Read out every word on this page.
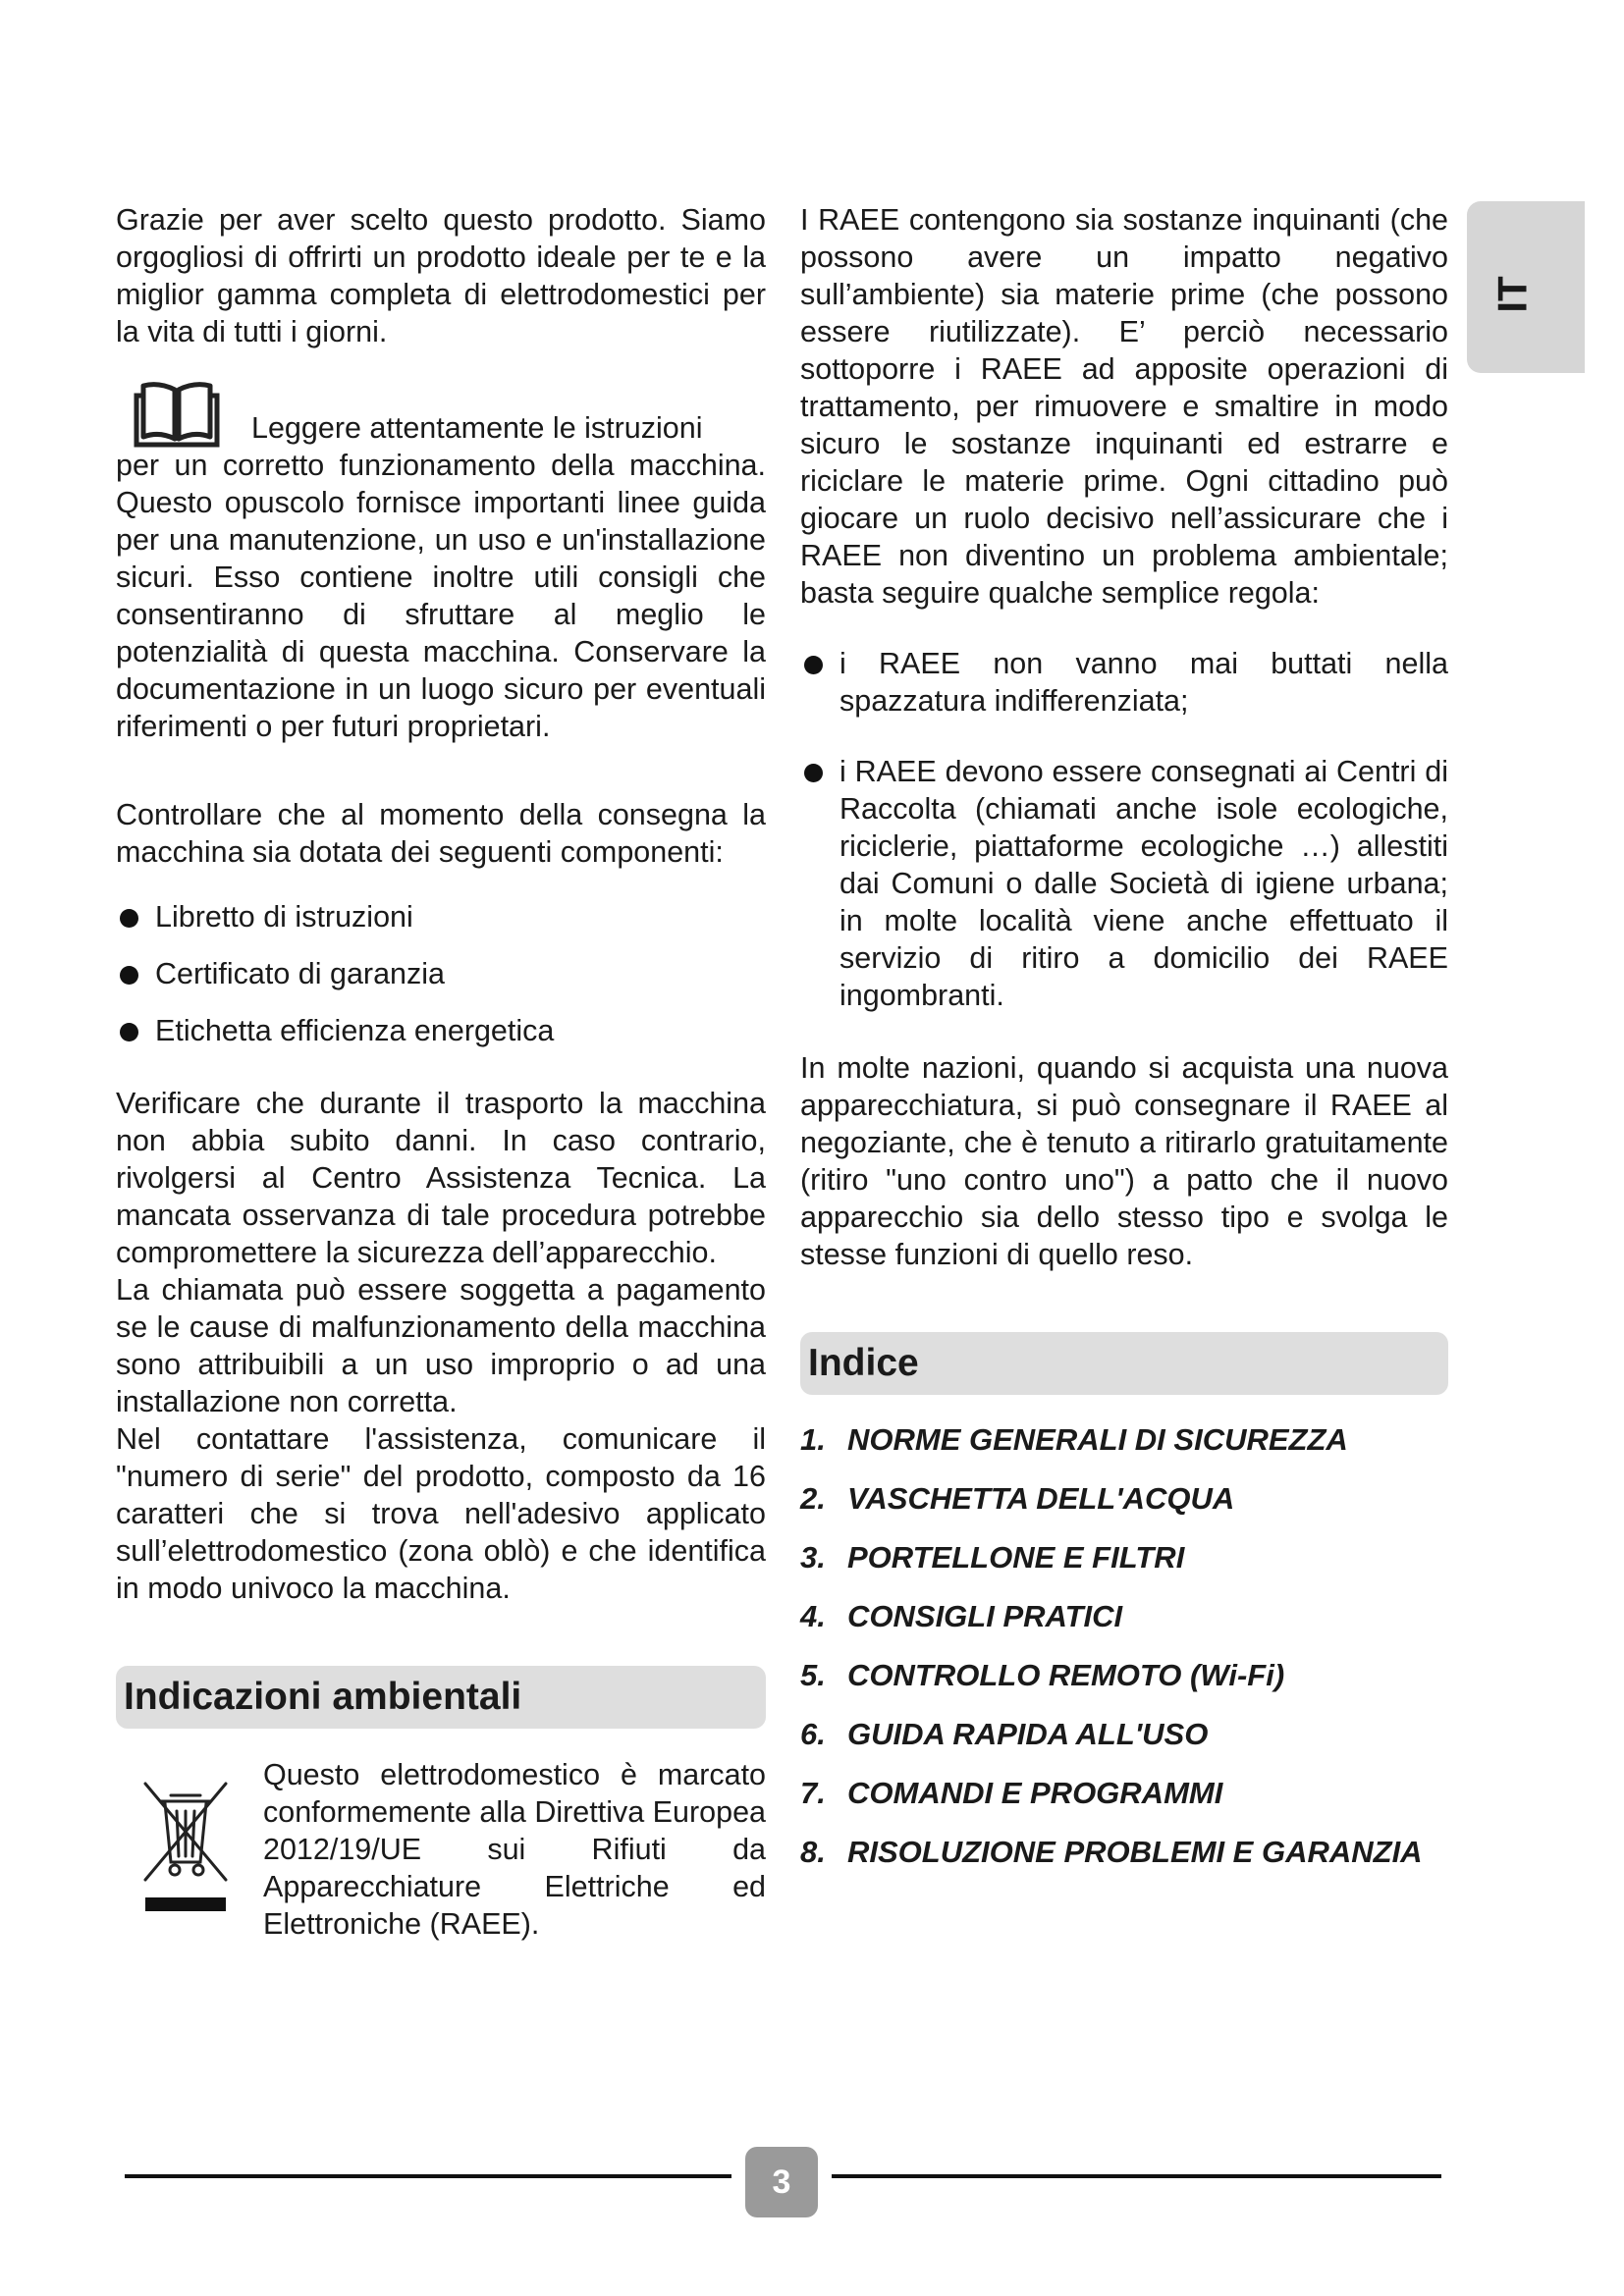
IT

Grazie per aver scelto questo prodotto. Siamo orgogliosi di offrirti un prodotto ideale per te e la miglior gamma completa di elettrodomestici per la vita di tutti i giorni.

Leggere attentamente le istruzioni

per un corretto funzionamento della macchina. Questo opuscolo fornisce importanti linee guida per una manutenzione, un uso e un'installazione sicuri. Esso contiene inoltre utili consigli che consentiranno di sfruttare al meglio le potenzialità di questa macchina. Conservare la documentazione in un luogo sicuro per eventuali riferimenti o per futuri proprietari.

Controllare che al momento della consegna la macchina sia dotata dei seguenti componenti:

Libretto di istruzioni
Certificato di garanzia
Etichetta efficienza energetica

Verificare che durante il trasporto la macchina non abbia subito danni. In caso contrario, rivolgersi al Centro Assistenza Tecnica. La mancata osservanza di tale procedura potrebbe compromettere la sicurezza dell’apparecchio.

La chiamata può essere soggetta a pagamento se le cause di malfunzionamento della macchina sono attribuibili a un uso improprio o ad una installazione non corretta.

Nel contattare l'assistenza, comunicare il "numero di serie" del prodotto, composto da 16 caratteri che si trova nell'adesivo applicato sull’elettrodomestico (zona oblò) e che identifica in modo univoco la macchina.

Indicazioni ambientali

Questo elettrodomestico è marcato conformemente alla Direttiva Europea 2012/19/UE sui Rifiuti da Apparecchiature Elettriche ed Elettroniche (RAEE).

I RAEE contengono sia sostanze inquinanti (che possono avere un impatto negativo sull’ambiente) sia materie prime (che possono essere riutilizzate). E’ perciò necessario sottoporre i RAEE ad apposite operazioni di trattamento, per rimuovere e smaltire in modo sicuro le sostanze inquinanti ed estrarre e riciclare le materie prime. Ogni cittadino può giocare un ruolo decisivo nell’assicurare che i RAEE non diventino un problema ambientale; basta seguire qualche semplice regola:

i RAEE non vanno mai buttati nella spazzatura indifferenziata;
i RAEE devono essere consegnati ai Centri di Raccolta (chiamati anche isole ecologiche, riciclerie, piattaforme ecologiche …) allestiti dai Comuni o dalle Società di igiene urbana; in molte località viene anche effettuato il servizio di ritiro a domicilio dei RAEE ingombranti.

In molte nazioni, quando si acquista una nuova apparecchiatura, si può consegnare il RAEE al negoziante, che è tenuto a ritirarlo gratuitamente (ritiro "uno contro uno") a patto che il nuovo apparecchio sia dello stesso tipo e svolga le stesse funzioni di quello reso.

Indice
1. NORME GENERALI DI SICUREZZA
2. VASCHETTA DELL'ACQUA
3. PORTELLONE E FILTRI
4. CONSIGLI PRATICI
5. CONTROLLO REMOTO (Wi-Fi)
6. GUIDA RAPIDA ALL'USO
7. COMANDI E PROGRAMMI
8. RISOLUZIONE PROBLEMI E GARANZIA
3
